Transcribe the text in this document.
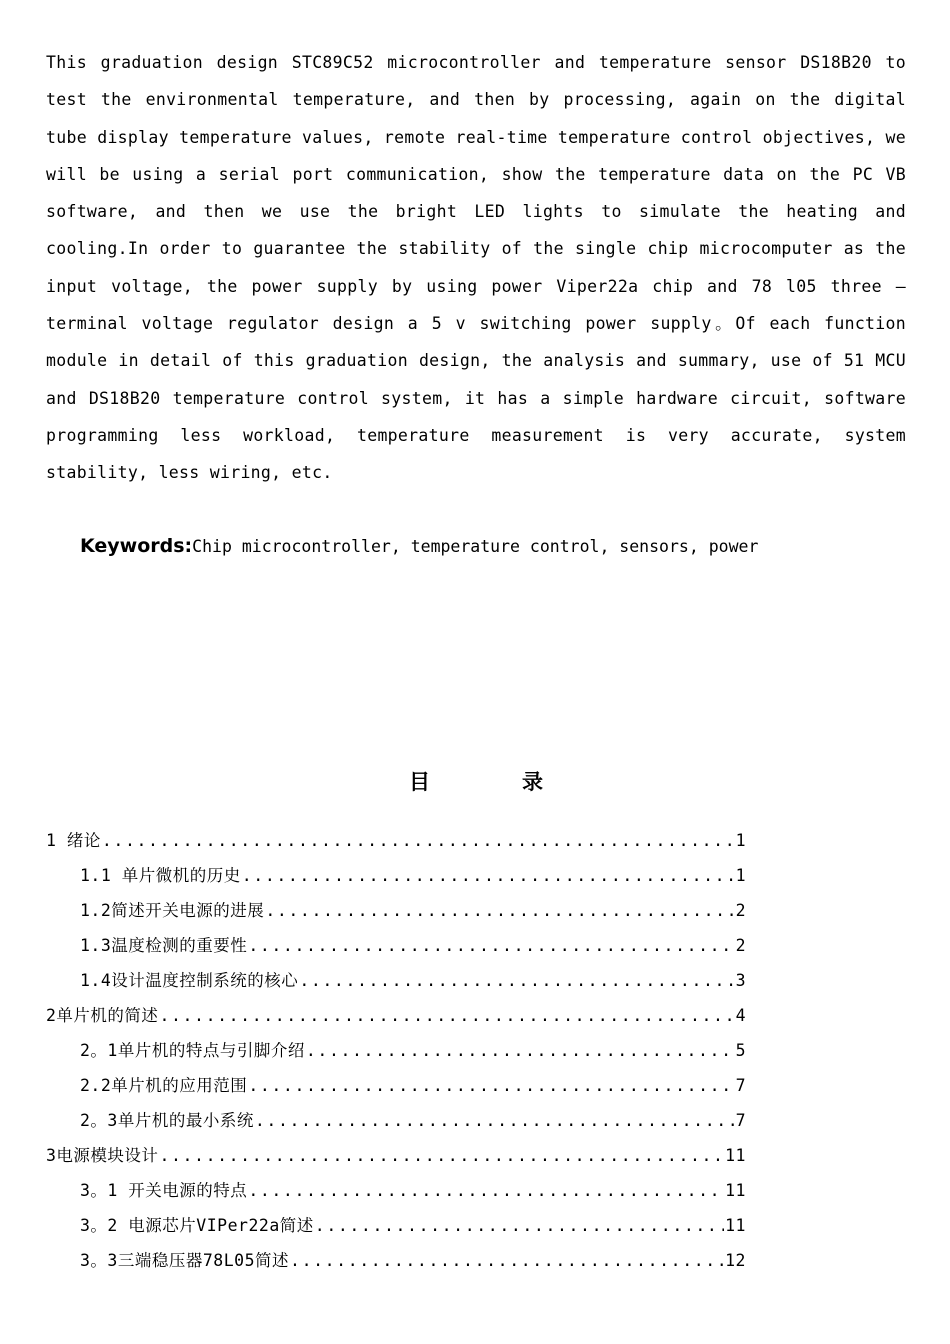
This graduation design STC89C52 microcontroller and temperature sensor DS18B20 to test the environmental temperature, and then by processing, again on the digital tube display temperature values, remote real-time temperature control objectives, we will be using a serial port communication, show the temperature data on the PC VB software, and then we use the bright LED lights to simulate the heating and cooling.In order to guarantee the stability of the single chip microcomputer as the input voltage, the power supply by using power Viper22a chip and 78 l05 three —terminal voltage regulator design a 5 v switching power supply。Of each function module in detail of this graduation design, the analysis and summary, use of 51 MCU and DS18B20 temperature control system, it has a simple hardware circuit, software programming less workload, temperature measurement is very accurate, system stability, less wiring, etc.

Keywords:Chip microcontroller, temperature control, sensors, power
目录
1 绪论 .....	1
1.1 单片微机的历史 .....	1
1.2简述开关电源的进展 .....	2
1.3温度检测的重要性 .....	2
1.4设计温度控制系统的核心 .....	3
2单片机的简述 .....	4
2。1单片机的特点与引脚介绍 .....	5
2.2单片机的应用范围 .....	7
2。3单片机的最小系统 .....	7
3电源模块设计 .....	11
3。1 开关电源的特点 .....	11
3。2 电源芯片VIPer22a简述 .....	11
3。3三端稳压器78L05简述 .....	12
